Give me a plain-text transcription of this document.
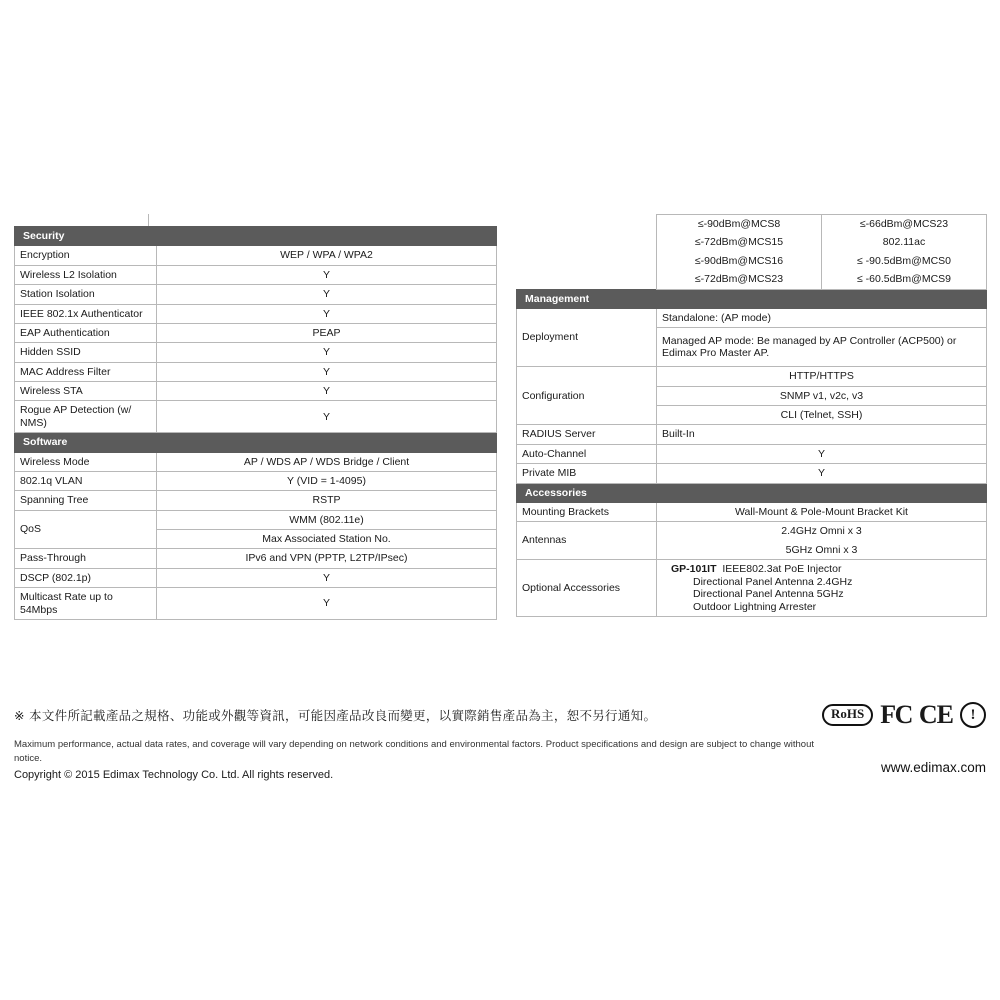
Security	
Encryption	WEP / WPA / WPA2
Wireless L2 Isolation	Y
Station Isolation	Y
IEEE 802.1x Authenticator	Y
EAP Authentication	PEAP
Hidden SSID	Y
MAC Address Filter	Y
Wireless STA	Y
Rogue AP Detection (w/ NMS)	Y
Software	
Wireless Mode	AP / WDS AP / WDS Bridge / Client
802.1q VLAN	Y (VID = 1-4095)
Spanning Tree	RSTP
QoS	WMM (802.11e)
	Max Associated Station No.
Pass-Through	IPv6 and VPN (PPTP, L2TP/IPsec)
DSCP (802.1p)	Y
Multicast Rate up to 54Mbps	Y
	≤-90dBm@MCS8	≤-66dBm@MCS23
	≤-72dBm@MCS15	802.11ac
	≤-90dBm@MCS16	≤ -90.5dBm@MCS0
	≤-72dBm@MCS23	≤ -60.5dBm@MCS9
Management		
Deployment	Standalone: (AP mode)	
	Managed AP mode: Be managed by AP Controller (ACP500) or Edimax Pro Master AP.	
Configuration	HTTP/HTTPS	
	SNMP v1, v2c, v3	
	CLI (Telnet, SSH)	
RADIUS Server	Built-In	
Auto-Channel	Y	
Private MIB	Y	
Accessories		
Mounting Brackets	Wall-Mount & Pole-Mount Bracket Kit	
Antennas	2.4GHz Omni x 3	
	5GHz Omni x 3	

Optional Accessories	GP-101IT  IEEE802.3at PoE Injector
Directional Panel Antenna 2.4GHz
Directional Panel Antenna 5GHz
Outdoor Lightning Arrester	

※ 本文件所記載產品之規格、功能或外觀等資訊，可能因產品改良而變更，以實際銷售產品為主，恕不另行通知。

Maximum performance, actual data rates, and coverage will vary depending on network conditions and environmental factors. Product specifications and design are subject to change without notice.

Copyright © 2015 Edimax Technology Co. Ltd. All rights reserved.
RoHS FC CE	!
www.edimax.com
